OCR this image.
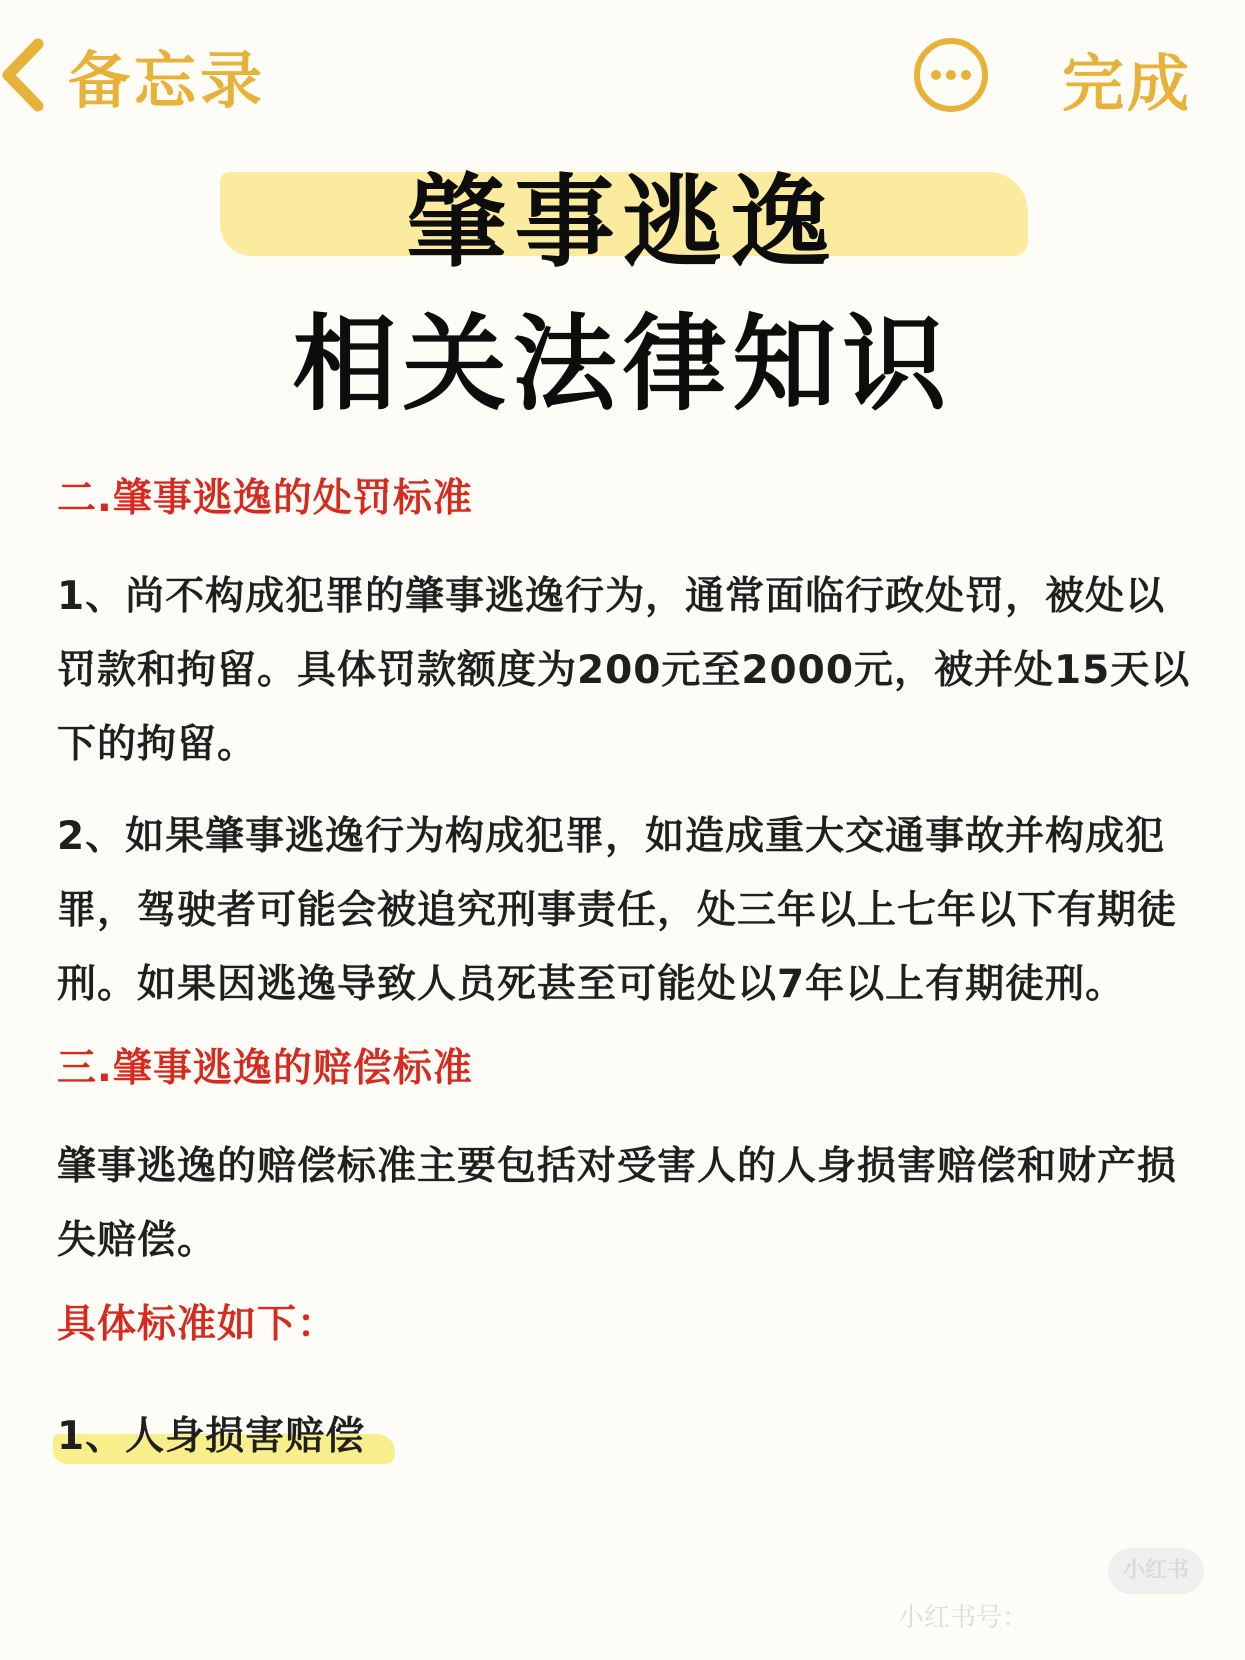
备忘录	完成
肇事逃逸
相关法律知识
二.肇事逃逸的处罚标准

1、尚不构成犯罪的肇事逃逸行为，通常面临行政处罚，被处以罚款和拘留。具体罚款额度为200元至2000元，被并处15天以下的拘留。

2、如果肇事逃逸行为构成犯罪，如造成重大交通事故并构成犯罪，驾驶者可能会被追究刑事责任，处三年以上七年以下有期徒刑。如果因逃逸导致人员死甚至可能处以7年以上有期徒刑。

三.肇事逃逸的赔偿标准

肇事逃逸的赔偿标准主要包括对受害人的人身损害赔偿和财产损失赔偿。

具体标准如下：
1、人身损害赔偿
小红书
小红书号：
